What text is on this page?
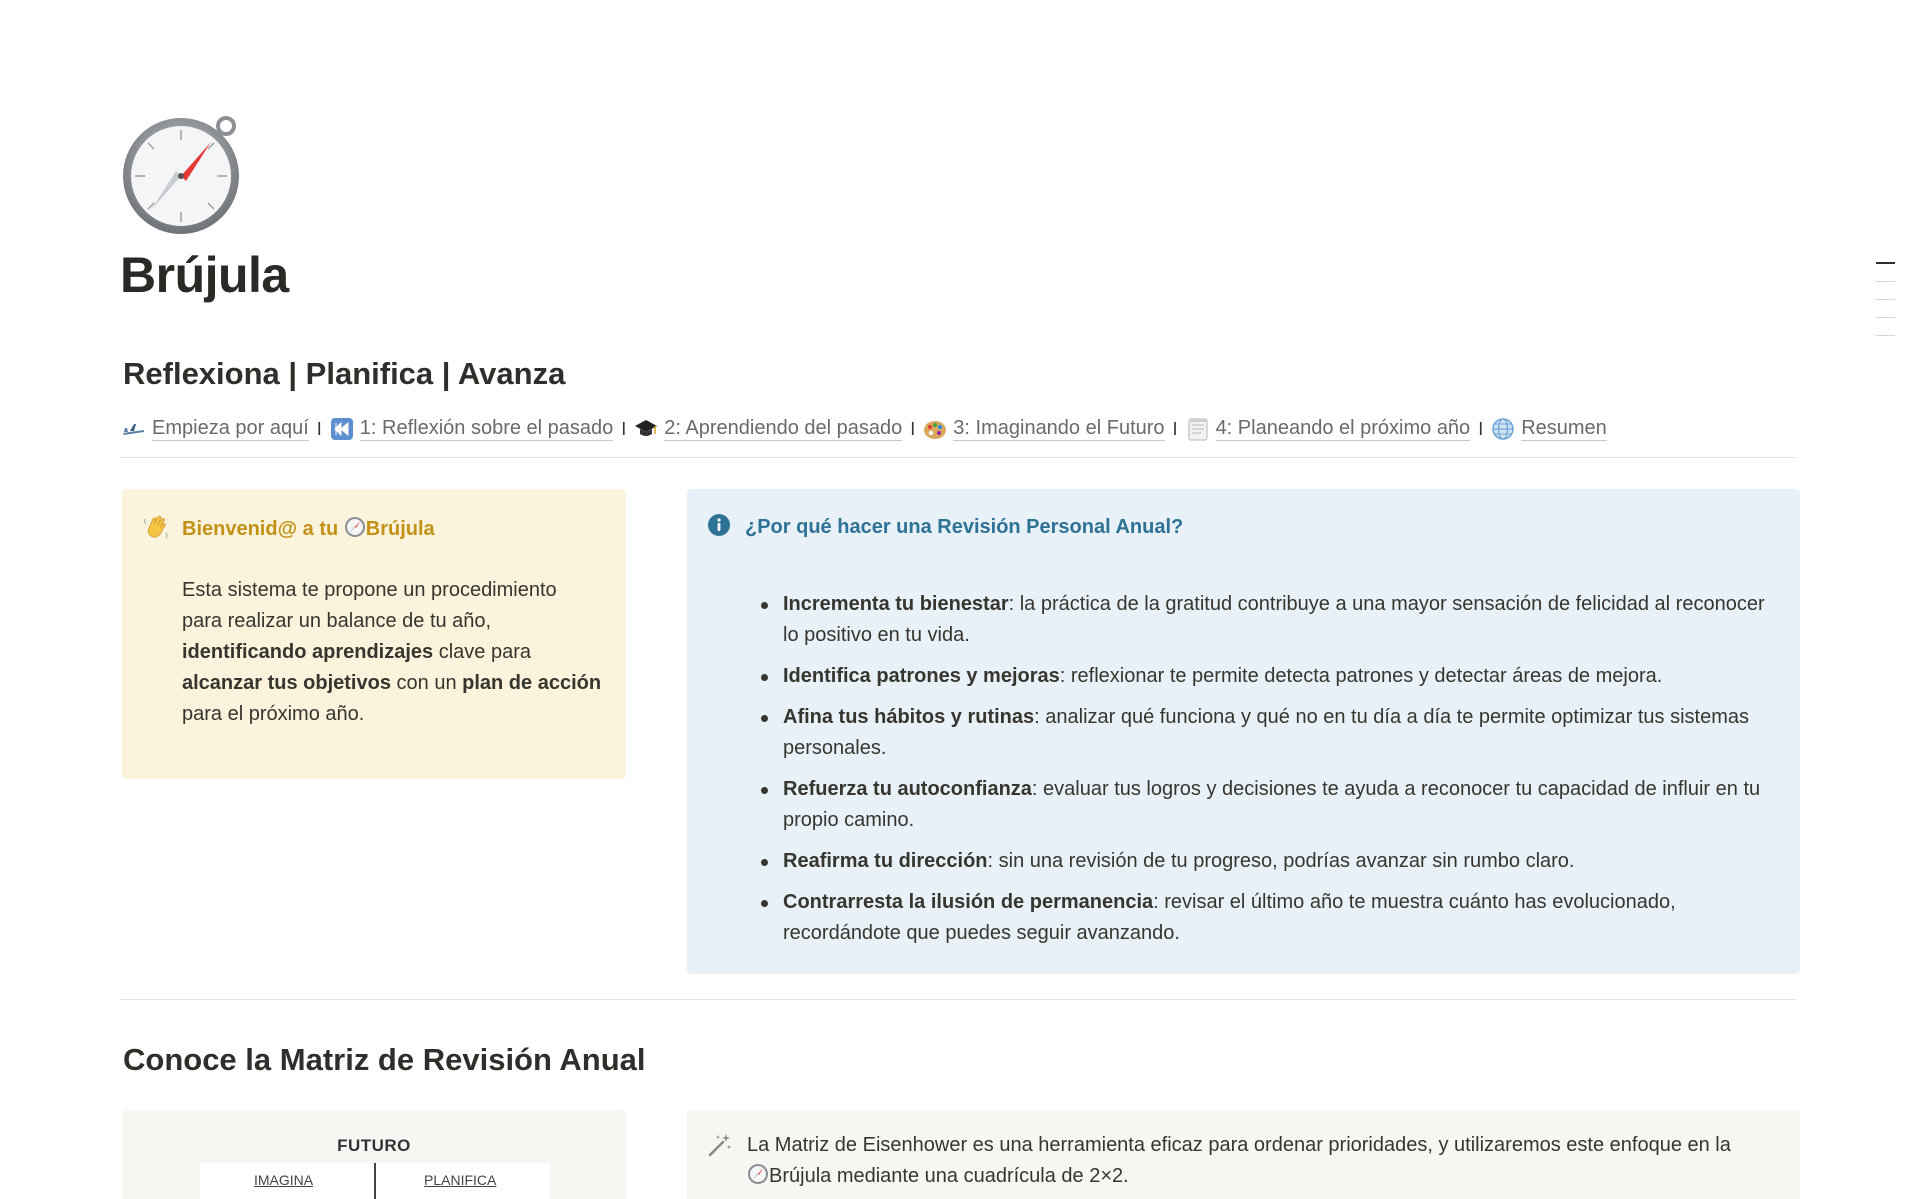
Brújula
Reflexiona | Planifica | Avanza
Empieza por aquí I 1: Reflexión sobre el pasado I 2: Aprendiendo del pasado I 3: Imaginando el Futuro I 4: Planeando el próximo año I Resumen
Bienvenid@ a tu Brújula
Esta sistema te propone un procedimiento para realizar un balance de tu año, identificando aprendizajes clave para alcanzar tus objetivos con un plan de acción para el próximo año.
¿Por qué hacer una Revisión Personal Anual?
Incrementa tu bienestar: la práctica de la gratitud contribuye a una mayor sensación de felicidad al reconocer lo positivo en tu vida.
Identifica patrones y mejoras: reflexionar te permite detecta patrones y detectar áreas de mejora.
Afina tus hábitos y rutinas: analizar qué funciona y qué no en tu día a día te permite optimizar tus sistemas personales.
Refuerza tu autoconfianza: evaluar tus logros y decisiones te ayuda a reconocer tu capacidad de influir en tu propio camino.
Reafirma tu dirección: sin una revisión de tu progreso, podrías avanzar sin rumbo claro.
Contrarresta la ilusión de permanencia: revisar el último año te muestra cuánto has evolucionado, recordándote que puedes seguir avanzando.
Conoce la Matriz de Revisión Anual
FUTURO
IMAGINA	PLANIFICA
La Matriz de Eisenhower es una herramienta eficaz para ordenar prioridades, y utilizaremos este enfoque en la Brújula mediante una cuadrícula de 2×2.
